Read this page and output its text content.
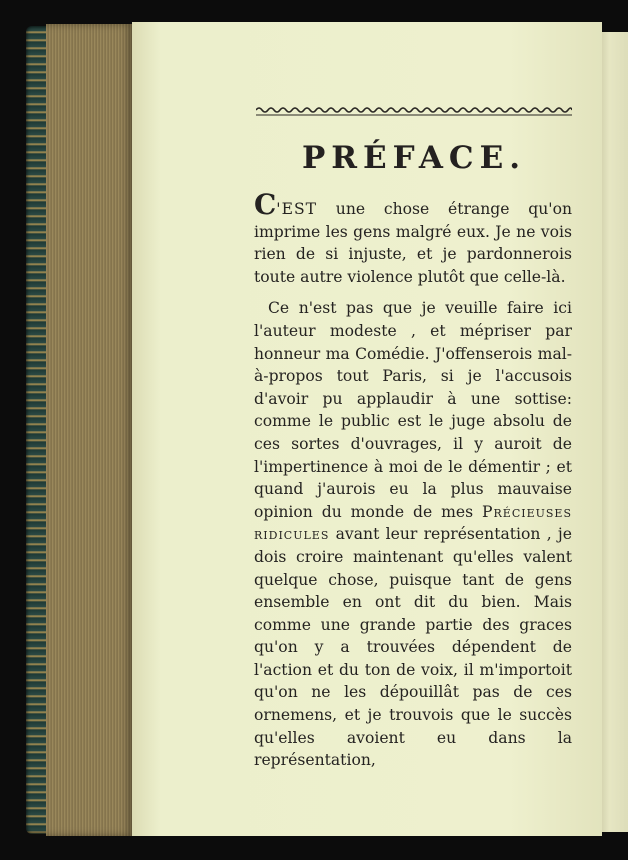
PRÉFACE.

C'EST une chose étrange qu'on imprime les gens malgré eux. Je ne vois rien de si injuste, et je pardonnerois toute autre violence plutôt que celle-là.

Ce n'est pas que je veuille faire ici l'auteur modeste , et mépriser par honneur ma Comédie. J'offenserois mal-à-propos tout Paris, si je l'accusois d'avoir pu applaudir à une sottise: comme le public est le juge absolu de ces sortes d'ouvrages, il y auroit de l'impertinence à moi de le démentir ; et quand j'aurois eu la plus mauvaise opinion du monde de mes Précieuses ridicules avant leur représentation , je dois croire maintenant qu'elles valent quelque chose, puisque tant de gens ensemble en ont dit du bien. Mais comme une grande partie des graces qu'on y a trouvées dépendent de l'action et du ton de voix, il m'importoit qu'on ne les dépouillât pas de ces ornemens, et je trouvois que le succès qu'elles avoient eu dans la représentation,
